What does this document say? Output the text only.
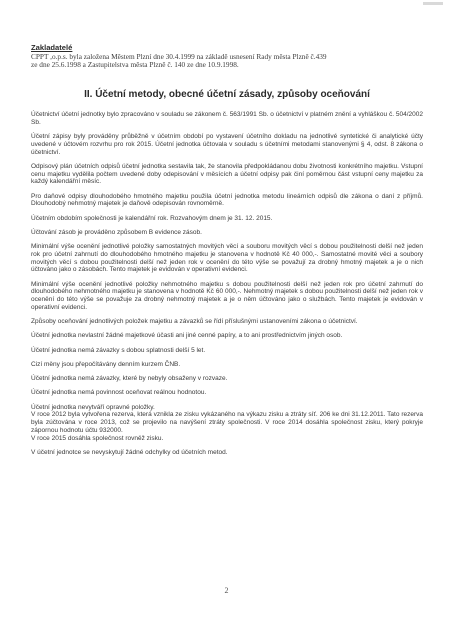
Zakladatelé
CPPT ,o.p.s. byla založena Městem Plzní dne 30.4.1999 na základě usnesení Rady města Plzně č.439
ze dne 25.6.1998 a Zastupitelstva města Plzně č. 140 ze dne 10.9.1998.
II. Účetní metody, obecné účetní zásady, způsoby oceňování

Účetnictví účetní jednotky bylo zpracováno v souladu se zákonem č. 563/1991 Sb. o účetnictví v platném znění a vyhláškou č. 504/2002 Sb.

Účetní zápisy byly prováděny průběžně v účetním období po vystavení účetního dokladu na jednotlivé syntetické či analytické účty uvedené v účtovém rozvrhu pro rok 2015. Účetní jednotka účtovala v souladu s účetními metodami stanovenými § 4, odst. 8 zákona o účetnictví.

Odpisový plán účetních odpisů účetní jednotka sestavila tak, že stanovila předpokládanou dobu životnosti konkrétního majetku. Vstupní cenu majetku vydělila počtem uvedené doby odepisování v měsících a účetní odpisy pak činí poměrnou část vstupní ceny majetku za každý kalendářní měsíc.

Pro daňové odpisy dlouhodobého hmotného majetku použila účetní jednotka metodu lineárních odpisů dle zákona o daní z příjmů. Dlouhodobý nehmotný majetek je daňově odepisován rovnoměrně.

Účetním obdobím společnosti je kalendářní rok. Rozvahovým dnem je 31. 12. 2015.

Účtování zásob je prováděno způsobem B evidence zásob.

Minimální výše ocenění jednotlivé položky samostatných movitých věcí a souboru movitých věcí s dobou použitelnosti delší než jeden rok pro účetní zahrnutí do dlouhodobého hmotného majetku je stanovena v hodnotě Kč 40 000,-. Samostatné movité věci a soubory movitých věcí s dobou použitelnosti delší než jeden rok v ocenění do této výše se považují za drobný hmotný majetek a je o nich účtováno jako o zásobách. Tento majetek je evidován v operativní evidenci.

Minimální výše ocenění jednotlivé položky nehmotného majetku s dobou použitelnosti delší než jeden rok pro účetní zahrnutí do dlouhodobého nehmotného majetku je stanovena v hodnotě Kč 60 000,-. Nehmotný majetek s dobou použitelnosti delší než jeden rok v ocenění do této výše se považuje za drobný nehmotný majetek a je o něm účtováno jako o službách. Tento majetek je evidován v operativní evidenci.

Způsoby oceňování jednotlivých položek majetku a závazků se řídí příslušnými ustanoveními zákona o účetnictví.

Účetní jednotka nevlastní žádné majetkové účasti ani jiné cenné papíry, a to ani prostřednictvím jiných osob.

Účetní jednotka nemá závazky s dobou splatnosti delší 5 let.

Cizí měny jsou přepočítávány denním kurzem ČNB.

Účetní jednotka nemá závazky, které by nebyly obsaženy v rozvaze.

Účetní jednotka nemá povinnost oceňovat reálnou hodnotou.

Účetní jednotka nevytváří opravné položky.
V roce 2012 byla vytvořena rezerva, která vznikla ze zisku vykázaného na výkazu zisku a ztráty síť. 206 ke dni 31.12.2011. Tato rezerva byla zúčtována v roce 2013, což se projevilo na navýšení ztráty společnosti. V roce 2014 dosáhla společnost zisku, který pokryje zápornou hodnotu účtu 932000.
V roce 2015 dosáhla společnost rovněž zisku.

V účetní jednotce se nevyskytují žádné odchylky od účetních metod.

2
